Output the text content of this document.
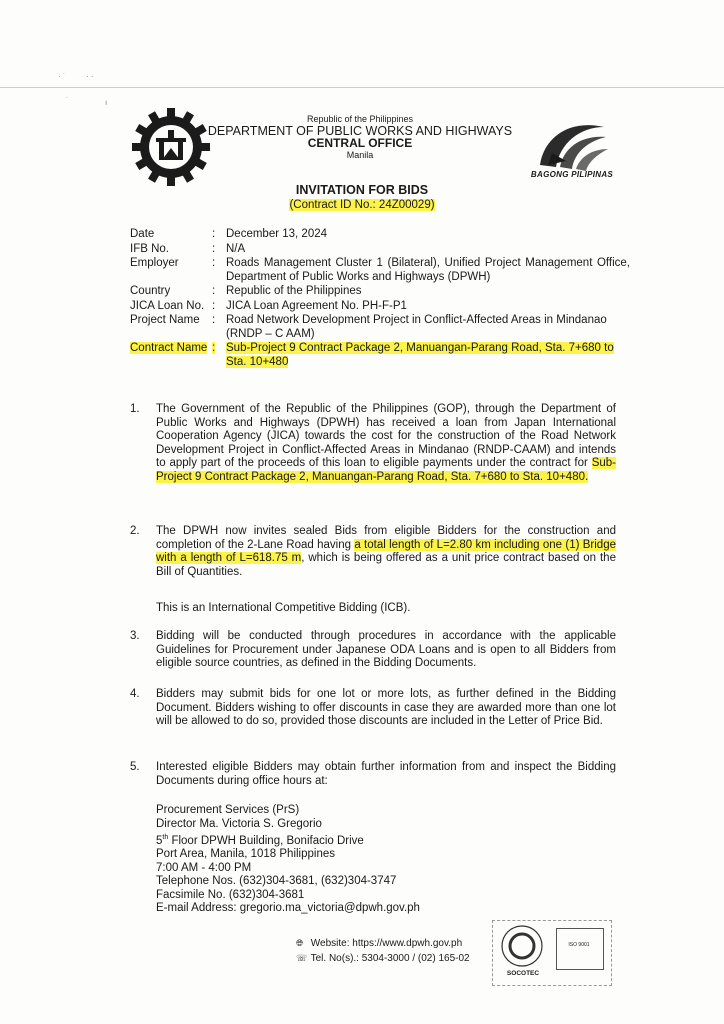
· ˙	· ·
˙	ı
Republic of the Philippines
DEPARTMENT OF PUBLIC WORKS AND HIGHWAYS
CENTRAL OFFICE
Manila
BAGONG PILIPINAS
INVITATION FOR BIDS
(Contract ID No.: 24Z00029)
Date	: December 13, 2024
IFB No.	: N/A
Employer	: Roads Management Cluster 1 (Bilateral), Unified Project Management Office, Department of Public Works and Highways (DPWH)
Country	: Republic of the Philippines
JICA Loan No. : JICA Loan Agreement No. PH-F-P1
Project Name	: Road Network Development Project in Conflict-Affected Areas in Mindanao (RNDP – C AAM)
Contract Name : Sub-Project 9 Contract Package 2, Manuangan-Parang Road, Sta. 7+680 to Sta. 10+480
1. The Government of the Republic of the Philippines (GOP), through the Department of Public Works and Highways (DPWH) has received a loan from Japan International Cooperation Agency (JICA) towards the cost for the construction of the Road Network Development Project in Conflict-Affected Areas in Mindanao (RNDP-CAAM) and intends to apply part of the proceeds of this loan to eligible payments under the contract for Sub-Project 9 Contract Package 2, Manuangan-Parang Road, Sta. 7+680 to Sta. 10+480.
2. The DPWH now invites sealed Bids from eligible Bidders for the construction and completion of the 2-Lane Road having a total length of L=2.80 km including one (1) Bridge with a length of L=618.75 m, which is being offered as a unit price contract based on the Bill of Quantities.
This is an International Competitive Bidding (ICB).
3. Bidding will be conducted through procedures in accordance with the applicable Guidelines for Procurement under Japanese ODA Loans and is open to all Bidders from eligible source countries, as defined in the Bidding Documents.
4. Bidders may submit bids for one lot or more lots, as further defined in the Bidding Document. Bidders wishing to offer discounts in case they are awarded more than one lot will be allowed to do so, provided those discounts are included in the Letter of Price Bid.
5. Interested eligible Bidders may obtain further information from and inspect the Bidding Documents during office hours at:
Procurement Services (PrS)
Director Ma. Victoria S. Gregorio
5th Floor DPWH Building, Bonifacio Drive
Port Area, Manila, 1018 Philippines
7:00 AM - 4:00 PM
Telephone Nos. (632)304-3681, (632)304-3747
Facsimile No. (632)304-3681
E-mail Address: gregorio.ma_victoria@dpwh.gov.ph
🌐︎ Website: https://www.dpwh.gov.ph
☏ Tel. No(s).: 5304-3000 / (02) 165-02
ISO 9001
SOCOTEC
